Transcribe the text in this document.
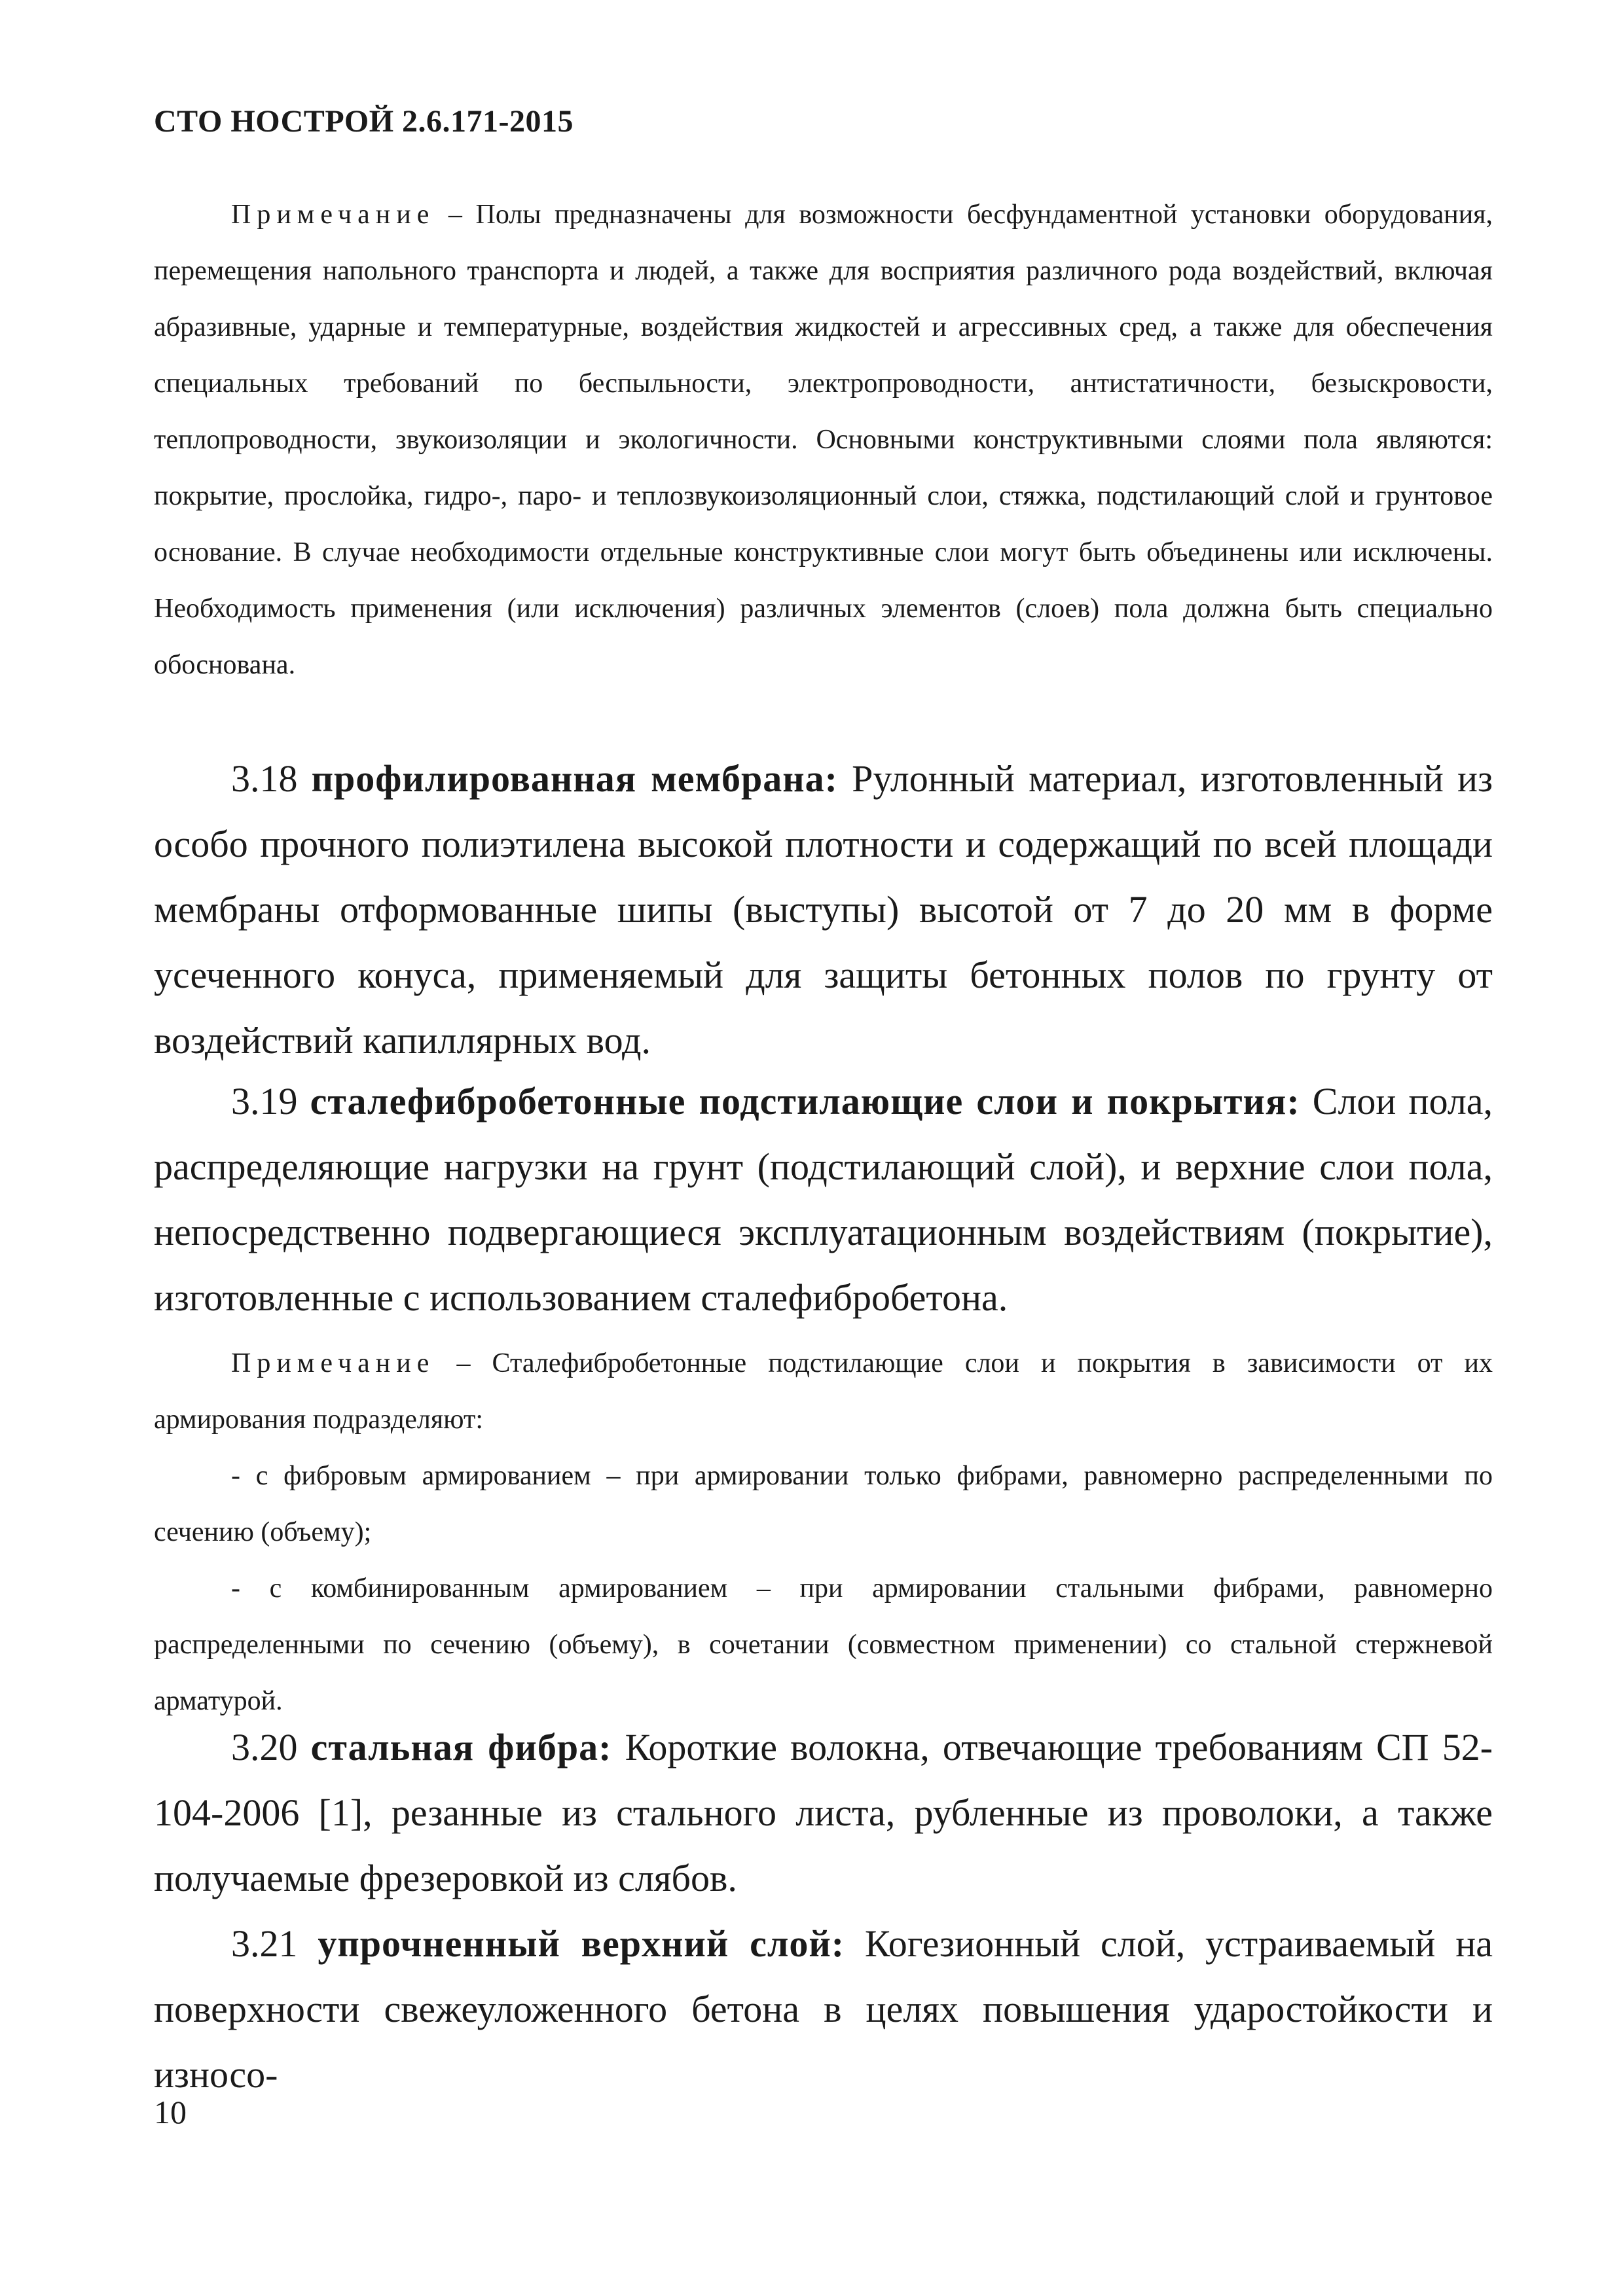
СТО НОСТРОЙ 2.6.171-2015

Примечание – Полы предназначены для возможности бесфундаментной установки оборудования, перемещения напольного транспорта и людей, а также для восприятия различного рода воздействий, включая абразивные, ударные и температурные, воздействия жидкостей и агрессивных сред, а также для обеспечения специальных требований по беспыльности, электропроводности, антистатичности, безыскровости, теплопроводности, звукоизоляции и экологичности. Основными конструктивными слоями пола являются: покрытие, прослойка, гидро-, паро- и теплозвукоизоляционный слои, стяжка, подстилающий слой и грунтовое основание. В случае необходимости отдельные конструктивные слои могут быть объединены или исключены. Необходимость применения (или исключения) различных элементов (слоев) пола должна быть специально обоснована.

3.18 профилированная мембрана: Рулонный материал, изготовленный из особо прочного полиэтилена высокой плотности и содержащий по всей площади мембраны отформованные шипы (выступы) высотой от 7 до 20 мм в форме усеченного конуса, применяемый для защиты бетонных полов по грунту от воздействий капиллярных вод.

3.19 сталефибробетонные подстилающие слои и покрытия: Слои пола, распределяющие нагрузки на грунт (подстилающий слой), и верхние слои пола, непосредственно подвергающиеся эксплуатационным воздействиям (покрытие), изготовленные с использованием сталефибробетона.

Примечание – Сталефибробетонные подстилающие слои и покрытия в зависимости от их армирования подразделяют:

- с фибровым армированием – при армировании только фибрами, равномерно распределенными по сечению (объему);

- с комбинированным армированием – при армировании стальными фибрами, равномерно распределенными по сечению (объему), в сочетании (совместном применении) со стальной стержневой арматурой.

3.20 стальная фибра: Короткие волокна, отвечающие требованиям СП 52-104-2006 [1], резанные из стального листа, рубленные из проволоки, а также получаемые фрезеровкой из слябов.

3.21 упрочненный верхний слой: Когезионный слой, устраиваемый на поверхности свежеуложенного бетона в целях повышения ударостойкости и износо-

10
